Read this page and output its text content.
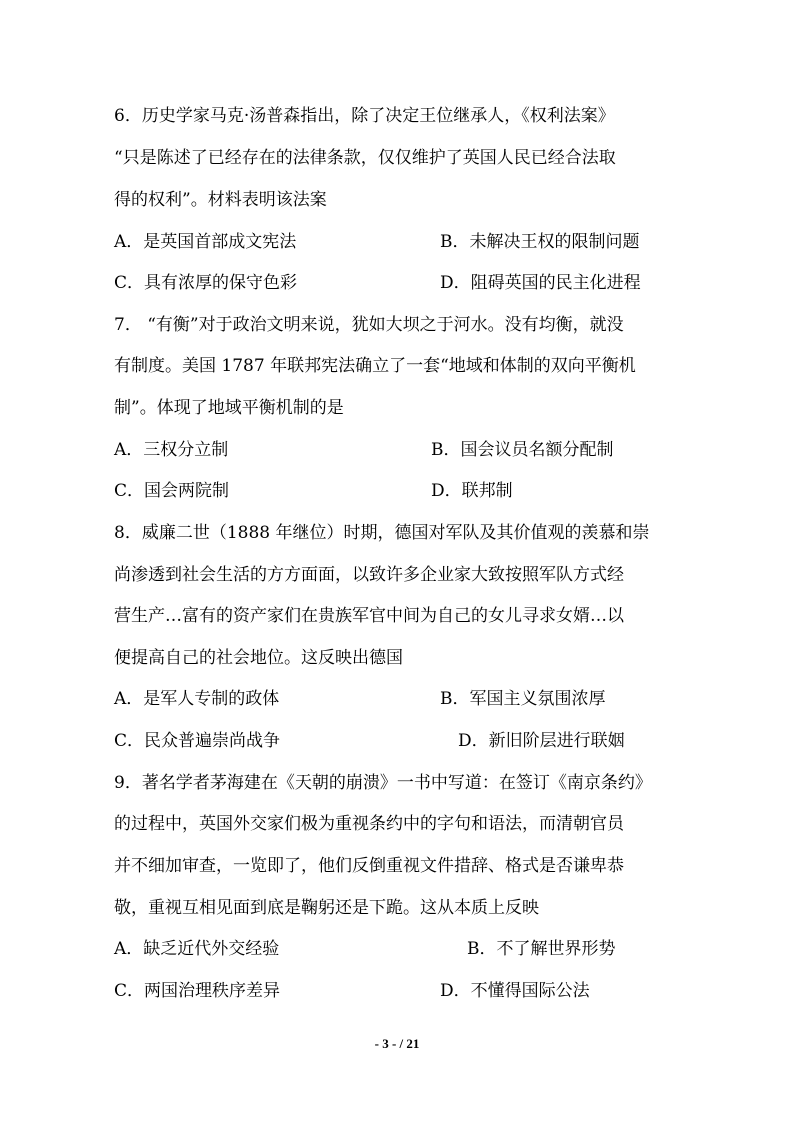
6．历史学家马克·汤普森指出，除了决定王位继承人，《权利法案》
“只是陈述了已经存在的法律条款，仅仅维护了英国人民已经合法取
得的权利”。材料表明该法案
A．是英国首部成文宪法	B．未解决王权的限制问题
C．具有浓厚的保守色彩	D．阻碍英国的民主化进程
7． “有衡”对于政治文明来说，犹如大坝之于河水。没有均衡，就没
有制度。美国 1787 年联邦宪法确立了一套“地域和体制的双向平衡机
制”。体现了地域平衡机制的是
A．三权分立制	B．国会议员名额分配制
C．国会两院制	D．联邦制
8．威廉二世（1888 年继位）时期，德国对军队及其价值观的羡慕和崇
尚渗透到社会生活的方方面面，以致许多企业家大致按照军队方式经
营生产…富有的资产家们在贵族军官中间为自己的女儿寻求女婿…以
便提高自己的社会地位。这反映出德国
A．是军人专制的政体	B．军国主义氛围浓厚
C．民众普遍崇尚战争	D．新旧阶层进行联姻
9．著名学者茅海建在《天朝的崩溃》一书中写道：在签订《南京条约》
的过程中，英国外交家们极为重视条约中的字句和语法，而清朝官员
并不细加审查，一览即了，他们反倒重视文件措辞、格式是否谦卑恭
敬，重视互相见面到底是鞠躬还是下跪。这从本质上反映
A．缺乏近代外交经验	B．不了解世界形势
C．两国治理秩序差异	D．不懂得国际公法
- 3 - / 21
